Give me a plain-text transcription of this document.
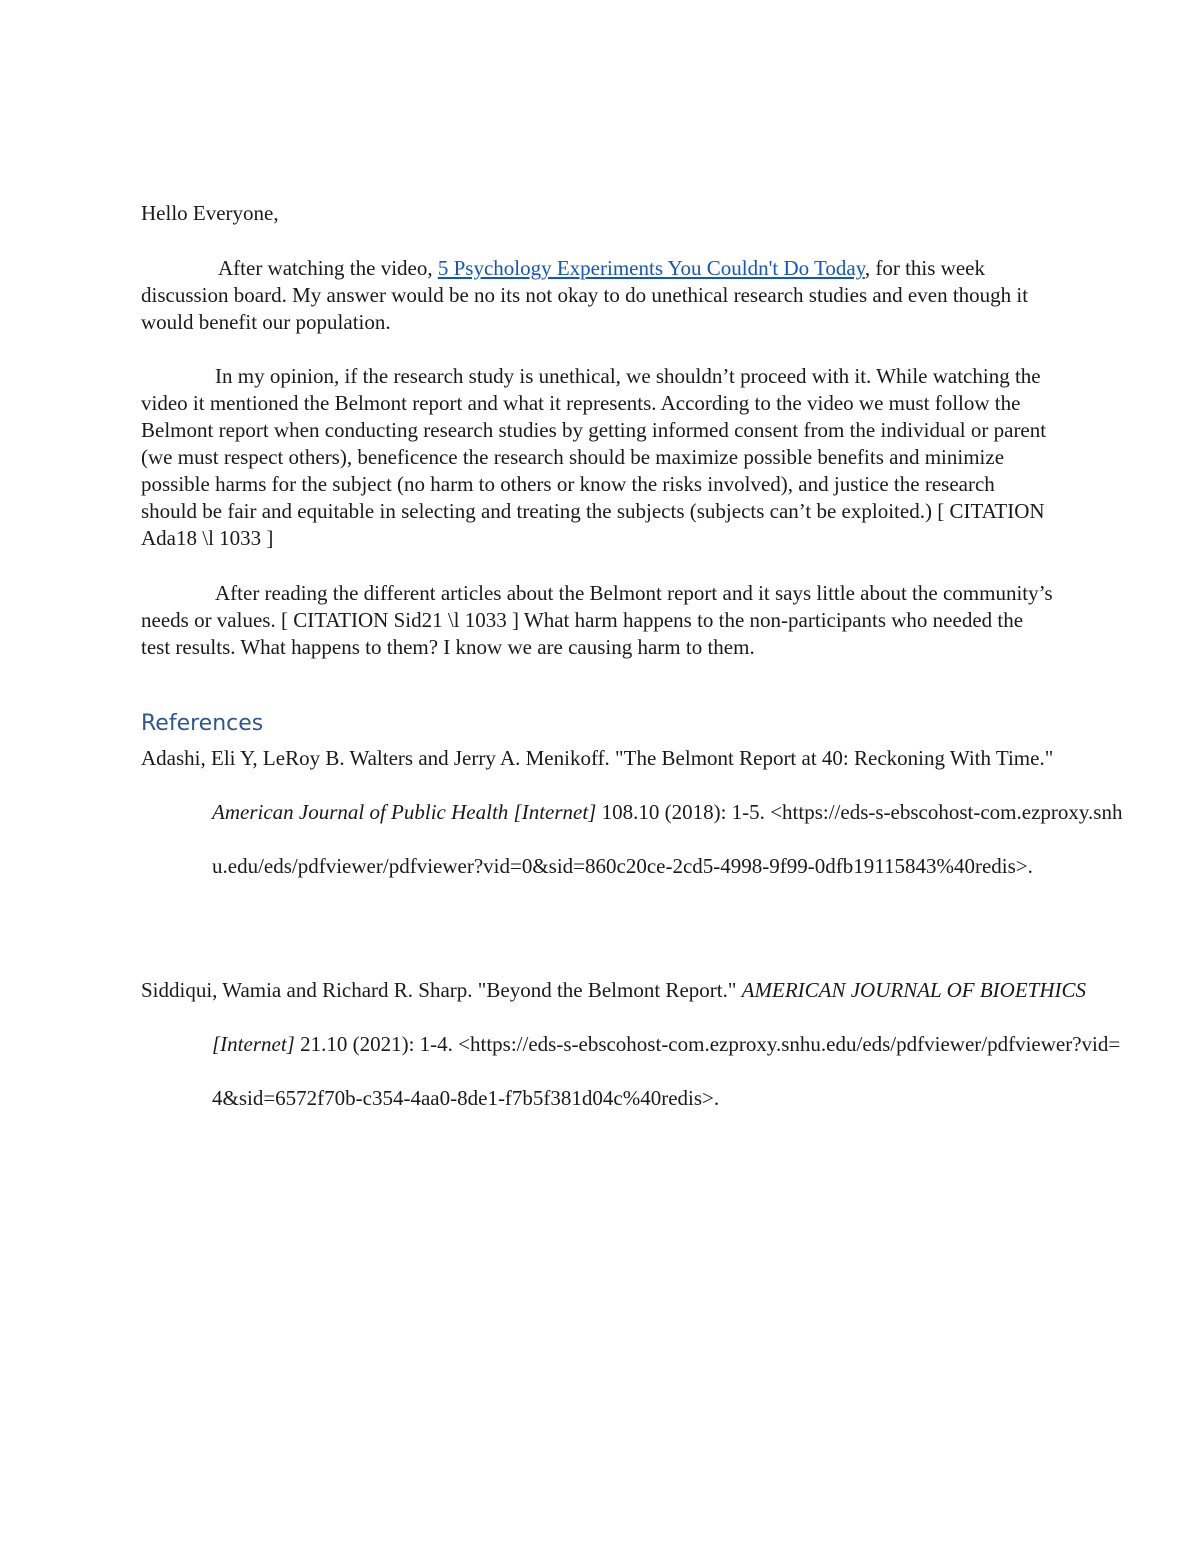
Hello Everyone,

After watching the video, 5 Psychology Experiments You Couldn't Do Today, for this week discussion board. My answer would be no its not okay to do unethical research studies and even though it would benefit our population.

In my opinion, if the research study is unethical, we shouldn’t proceed with it. While watching the video it mentioned the Belmont report and what it represents. According to the video we must follow the Belmont report when conducting research studies by getting informed consent from the individual or parent (we must respect others), beneficence the research should be maximize possible benefits and minimize possible harms for the subject (no harm to others or know the risks involved), and justice the research should be fair and equitable in selecting and treating the subjects (subjects can’t be exploited.) [ CITATION Ada18 \l 1033 ]

After reading the different articles about the Belmont report and it says little about the community’s needs or values. [ CITATION Sid21 \l 1033 ] What harm happens to the non-participants who needed the test results. What happens to them? I know we are causing harm to them.

References

Adashi, Eli Y, LeRoy B. Walters and Jerry A. Menikoff. "The Belmont Report at 40: Reckoning With Time." American Journal of Public Health [Internet] 108.10 (2018): 1-5. <https://eds-s-ebscohost-com.ezproxy.snhu.edu/eds/pdfviewer/pdfviewer?vid=0&sid=860c20ce-2cd5-4998-9f99-0dfb19115843%40redis>.

Siddiqui, Wamia and Richard R. Sharp. "Beyond the Belmont Report." AMERICAN JOURNAL OF BIOETHICS [Internet] 21.10 (2021): 1-4. <https://eds-s-ebscohost-com.ezproxy.snhu.edu/eds/pdfviewer/pdfviewer?vid=4&sid=6572f70b-c354-4aa0-8de1-f7b5f381d04c%40redis>.
